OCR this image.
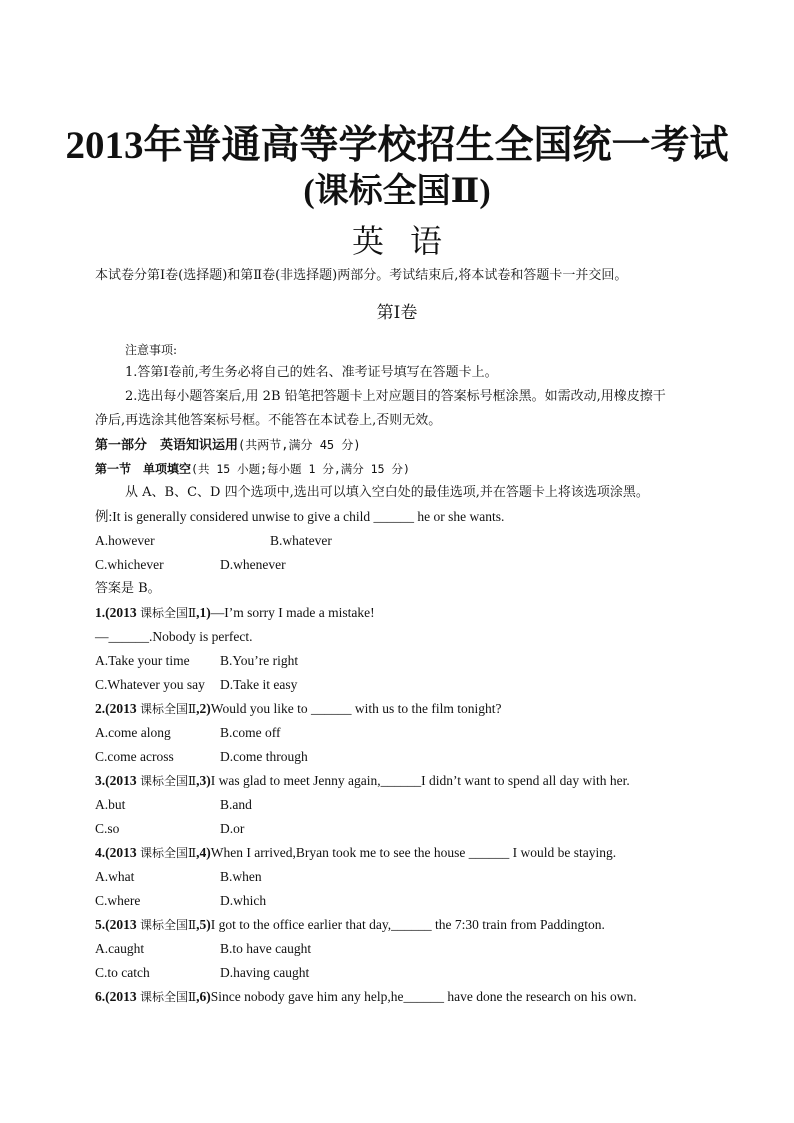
2013年普通高等学校招生全国统一考试
(课标全国Ⅱ)
英语
本试卷分第Ⅰ卷(选择题)和第Ⅱ卷(非选择题)两部分。考试结束后,将本试卷和答题卡一并交回。
第Ⅰ卷
注意事项:
1.答第Ⅰ卷前,考生务必将自己的姓名、准考证号填写在答题卡上。
2.选出每小题答案后,用 2B 铅笔把答题卡上对应题目的答案标号框涂黑。如需改动,用橡皮擦干
净后,再选涂其他答案标号框。不能答在本试卷上,否则无效。
第一部分　英语知识运用(共两节,满分 45 分)
第一节　单项填空(共 15 小题;每小题 1 分,满分 15 分)
从 A、B、C、D 四个选项中,选出可以填入空白处的最佳选项,并在答题卡上将该选项涂黑。
例:It is generally considered unwise to give a child ______ he or she wants.
A.however	B.whatever
C.whichever	D.whenever
答案是 B。
1.(2013 课标全国Ⅱ,1)—I’m sorry I made a mistake!
—______.Nobody is perfect.
A.Take your time B.You’re right
C.Whatever you say D.Take it easy
2.(2013 课标全国Ⅱ,2)Would you like to ______ with us to the film tonight?
A.come along	B.come off
C.come across	D.come through
3.(2013 课标全国Ⅱ,3)I was glad to meet Jenny again,______I didn’t want to spend all day with her.
A.but	B.and
C.so	D.or
4.(2013 课标全国Ⅱ,4)When I arrived,Bryan took me to see the house ______ I would be staying.
A.what	B.when
C.where	D.which
5.(2013 课标全国Ⅱ,5)I got to the office earlier that day,______ the 7:30 train from Paddington.
A.caught	B.to have caught
C.to catch	D.having caught
6.(2013 课标全国Ⅱ,6)Since nobody gave him any help,he______ have done the research on his own.
